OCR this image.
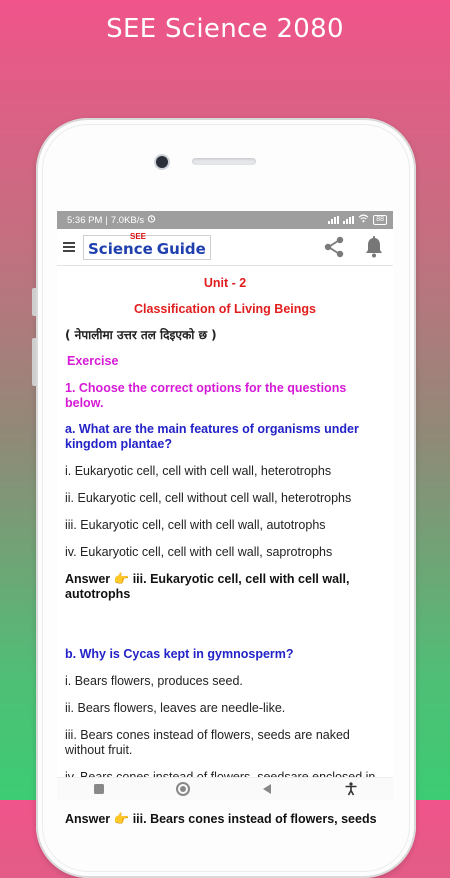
SEE Science 2080
5:36 PM | 7.0KB/s	88
Science
SEE
Guide
Unit - 2
Classification of Living Beings
( नेपालीमा उत्तर तल दिइएको छ )
Exercise
1. Choose the correct options for the questions below.
a. What are the main features of organisms under kingdom plantae?
i. Eukaryotic cell, cell with cell wall, heterotrophs
ii. Eukaryotic cell, cell without cell wall, heterotrophs
iii. Eukaryotic cell, cell with cell wall, autotrophs
iv. Eukaryotic cell, cell with cell wall, saprotrophs
Answer 👉 iii. Eukaryotic cell, cell with cell wall, autotrophs
b. Why is Cycas kept in gymnosperm?
i. Bears flowers, produces seed.
ii. Bears flowers, leaves are needle-like.
iii. Bears cones instead of flowers, seeds are naked without fruit.
Answer 👉 iii. Bears cones instead of flowers, seeds
